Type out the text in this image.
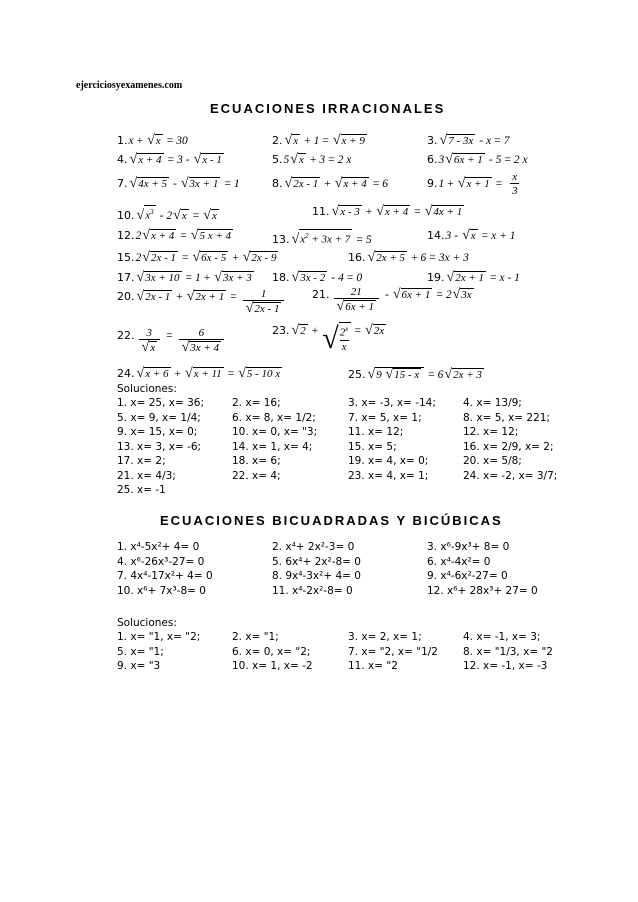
ejerciciosyexamenes.com
ECUACIONES IRRACIONALES
1. x + √ x = 30	2. √ x + 1 = √ x + 9	3. √ 7 - 3x - x = 7
4. √ x + 4 = 3 - √ x - 1	5. 5 √ x + 3 = 2 x	6. 3 √ 6x + 1 - 5 = 2 x
7. √ 4x + 5 - √ 3x + 1 = 1	8. √ 2x - 1 + √ x + 4 = 6	9. 1 + √ $x + 1 = \frac{x}{3}$
10. √ $x^3 - 2$ √ x = √ x	11. √ x - 3 + √ x + 4 = √ 4x + 1
12. 2 √ x + 4 = √ 5 x + 4	13. √ $x^2 + 3x + 7 = 5$	14. 3 - √ x = x + 1
15. 2 √ 2x - 1 = √ 6x - 5 + √ 2x - 9	16. √ 2x + 5 + 6 = 3x + 3
17. √ 3x + 10 = 1 + √ 3x + 3 18. √ 3x - 2 - 4 = 0	19. √ 2x + 1 = x - 1
20. √ 2x - 1 + √ $2x + 1 = \frac{1}{√ 2x - 1}$	21. $\frac{21}{√ 6x + 1}$ - √ 6x + 1 = 2 √ 3x
22. $\frac{3}{√ x} = \frac{6}{√ 3x + 4}$	23. √ 2 + √ 2$^x$
x
= √ 2x
24. √ x + 6 + √ x + 11 = √ 5 - 10 x	25. √ 9 √ 15 - x = 6 √ 2x + 3
Soluciones:
1. x= 25, x= 36;	2. x= 16;	3. x= -3, x= -14;	4. x= 13/9;
5. x= 9, x= 1/4;	6. x= 8, x= 1/2;	7. x= 5, x= 1;	8. x= 5, x= 221;
9. x= 15, x= 0;	10. x= 0, x= "3;	11. x= 12;	12. x= 12;
13. x= 3, x= -6;	14. x= 1, x= 4;	15. x= 5;	16. x= 2/9, x= 2;
17. x= 2;	18. x= 6;	19. x= 4, x= 0;	20. x= 5/8;
21. x= 4/3;	22. x= 4;	23. x= 4, x= 1;	24. x= -2, x= 3/7;
25. x= -1
ECUACIONES BICUADRADAS Y BICÚBICAS
1. x⁴-5x²+ 4= 0	2. x⁴+ 2x²-3= 0	3. x⁶-9x³+ 8= 0
4. x⁶-26x³-27= 0	5. 6x⁴+ 2x²-8= 0	6. x⁴-4x²= 0
7. 4x⁴-17x²+ 4= 0	8. 9x⁴-3x²+ 4= 0	9. x⁴-6x²-27= 0
10. x⁶+ 7x³-8= 0	11. x⁴-2x²-8= 0	12. x⁶+ 28x³+ 27= 0
Soluciones:
1. x= "1, x= "2;	2. x= "1;	3. x= 2, x= 1;	4. x= -1, x= 3;
5. x= "1;	6. x= 0, x= "2;	7. x= "2, x= "1/2 8. x= "1/3, x= "2
9. x= "3	10. x= 1, x= -2	11. x= "2	12. x= -1, x= -3
